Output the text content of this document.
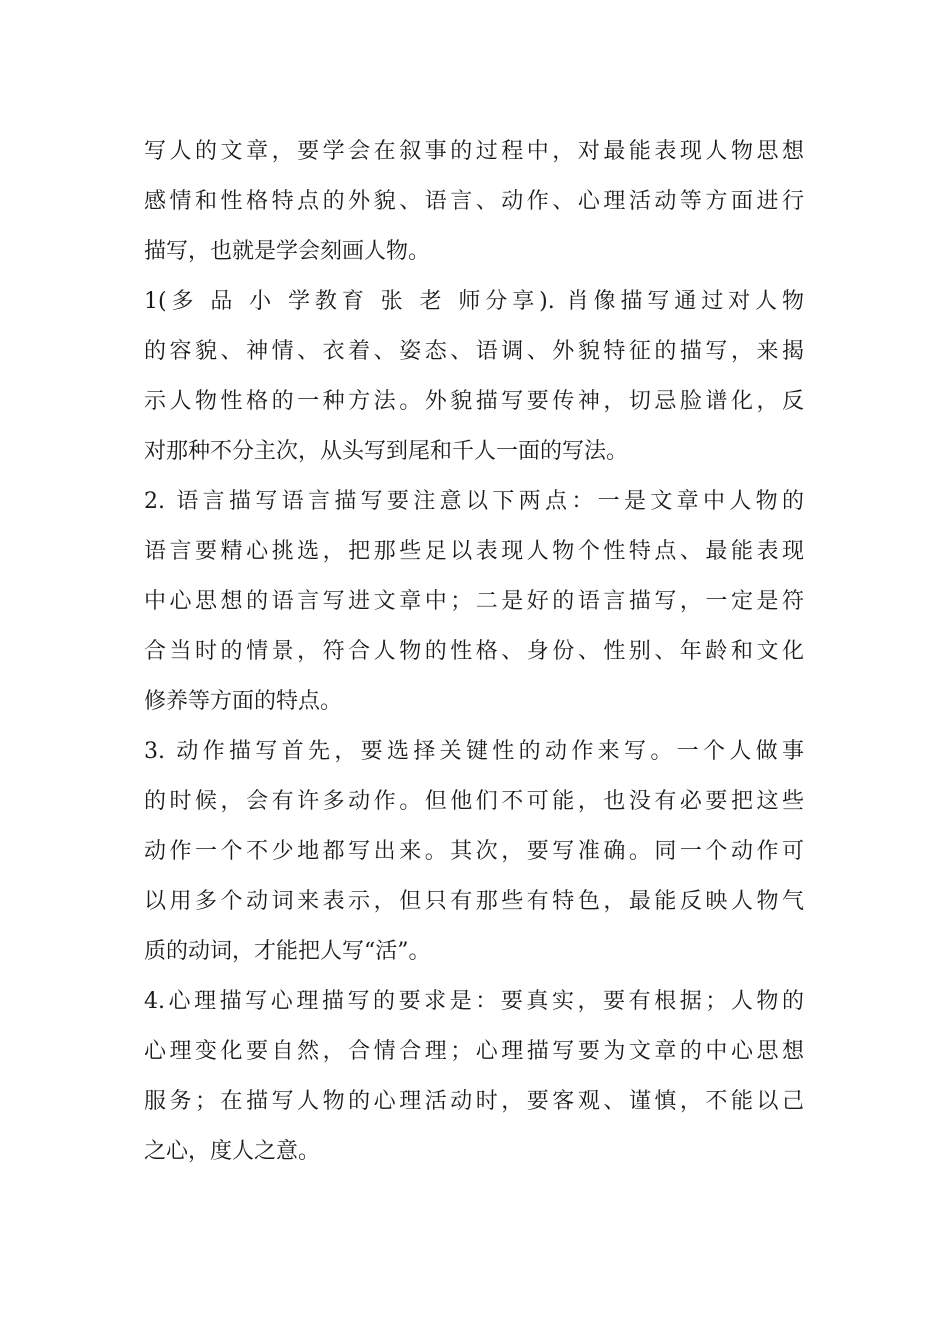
写人的文章，要学会在叙事的过程中，对最能表现人物思想
感情和性格特点的外貌、语言、动作、心理活动等方面进行
描写，也就是学会刻画人物。
1(多 品 小 学教育 张 老 师分享). 肖像描写通过对人物
的容貌、神情、衣着、姿态、语调、外貌特征的描写，来揭
示人物性格的一种方法。外貌描写要传神，切忌脸谱化，反
对那种不分主次，从头写到尾和千人一面的写法。
2. 语言描写语言描写要注意以下两点：一是文章中人物的
语言要精心挑选，把那些足以表现人物个性特点、最能表现
中心思想的语言写进文章中；二是好的语言描写，一定是符
合当时的情景，符合人物的性格、身份、性别、年龄和文化
修养等方面的特点。
3. 动作描写首先，要选择关键性的动作来写。一个人做事
的时候，会有许多动作。但他们不可能，也没有必要把这些
动作一个不少地都写出来。其次，要写准确。同一个动作可
以用多个动词来表示，但只有那些有特色，最能反映人物气
质的动词，才能把人写“活”。
4.心理描写心理描写的要求是：要真实，要有根据；人物的
心理变化要自然，合情合理；心理描写要为文章的中心思想
服务；在描写人物的心理活动时，要客观、谨慎，不能以己
之心，度人之意。
